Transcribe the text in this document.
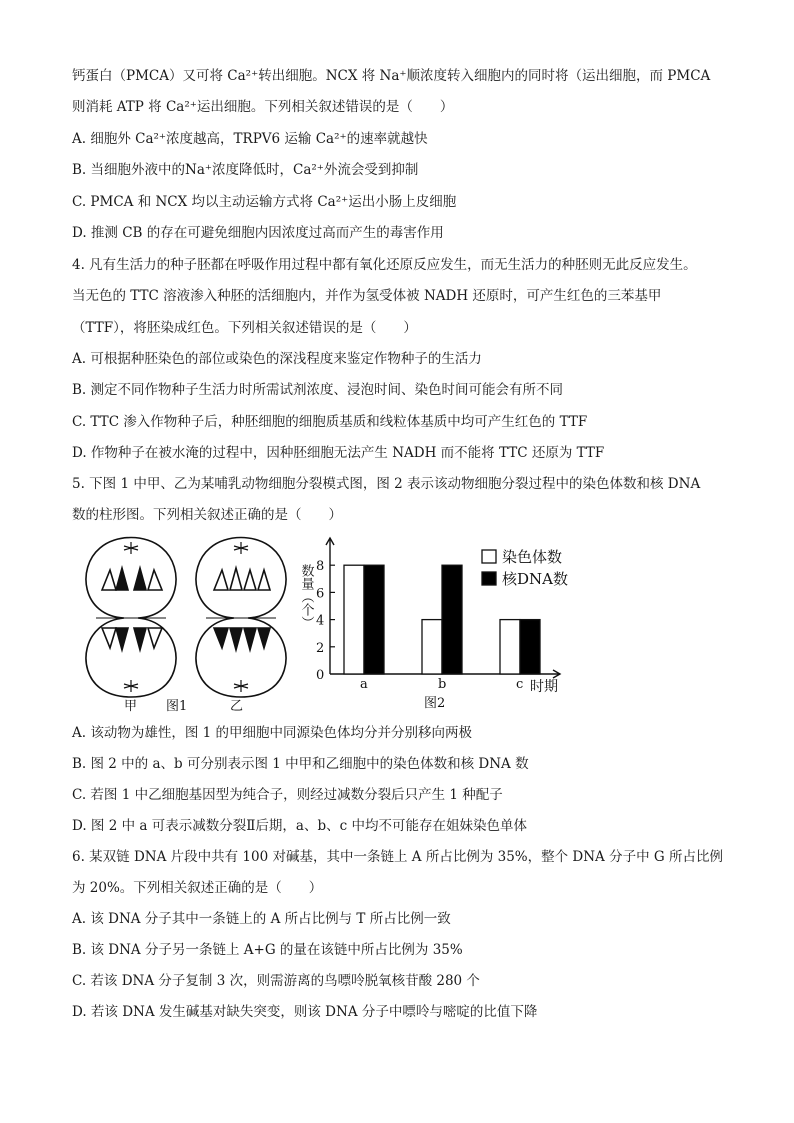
钙蛋白（PMCA）又可将 Ca²⁺转出细胞。NCX 将 Na⁺顺浓度转入细胞内的同时将（运出细胞，而 PMCA
则消耗 ATP 将 Ca²⁺运出细胞。下列相关叙述错误的是（　　）
A. 细胞外 Ca²⁺浓度越高，TRPV6 运输 Ca²⁺的速率就越快
B. 当细胞外液中的Na⁺浓度降低时，Ca²⁺外流会受到抑制
C. PMCA 和 NCX 均以主动运输方式将 Ca²⁺运出小肠上皮细胞
D. 推测 CB 的存在可避免细胞内因浓度过高而产生的毒害作用
4. 凡有生活力的种子胚都在呼吸作用过程中都有氧化还原反应发生，而无生活力的种胚则无此反应发生。
当无色的 TTC 溶液渗入种胚的活细胞内，并作为氢受体被 NADH 还原时，可产生红色的三苯基甲
（TTF），将胚染成红色。下列相关叙述错误的是（　　）
A. 可根据种胚染色的部位或染色的深浅程度来鉴定作物种子的生活力
B. 测定不同作物种子生活力时所需试剂浓度、浸泡时间、染色时间可能会有所不同
C. TTC 渗入作物种子后，种胚细胞的细胞质基质和线粒体基质中均可产生红色的 TTF
D. 作物种子在被水淹的过程中，因种胚细胞无法产生 NADH 而不能将 TTC 还原为 TTF
5. 下图 1 中甲、乙为某哺乳动物细胞分裂模式图，图 2 表示该动物细胞分裂过程中的染色体数和核 DNA
数的柱形图。下列相关叙述正确的是（　　）
甲 图1	乙
0
2
4
6
8
a	b	c
染色体数
核DNA数
数量（个）
时期
图2
A. 该动物为雄性，图 1 的甲细胞中同源染色体均分并分别移向两极
B. 图 2 中的 a、b 可分别表示图 1 中甲和乙细胞中的染色体数和核 DNA 数
C. 若图 1 中乙细胞基因型为纯合子，则经过减数分裂后只产生 1 种配子
D. 图 2 中 a 可表示减数分裂Ⅱ后期，a、b、c 中均不可能存在姐妹染色单体
6. 某双链 DNA 片段中共有 100 对碱基，其中一条链上 A 所占比例为 35%，整个 DNA 分子中 G 所占比例
为 20%。下列相关叙述正确的是（　　）
A. 该 DNA 分子其中一条链上的 A 所占比例与 T 所占比例一致
B. 该 DNA 分子另一条链上 A+G 的量在该链中所占比例为 35%
C. 若该 DNA 分子复制 3 次，则需游离的鸟嘌呤脱氧核苷酸 280 个
D. 若该 DNA 发生碱基对缺失突变，则该 DNA 分子中嘌呤与嘧啶的比值下降
